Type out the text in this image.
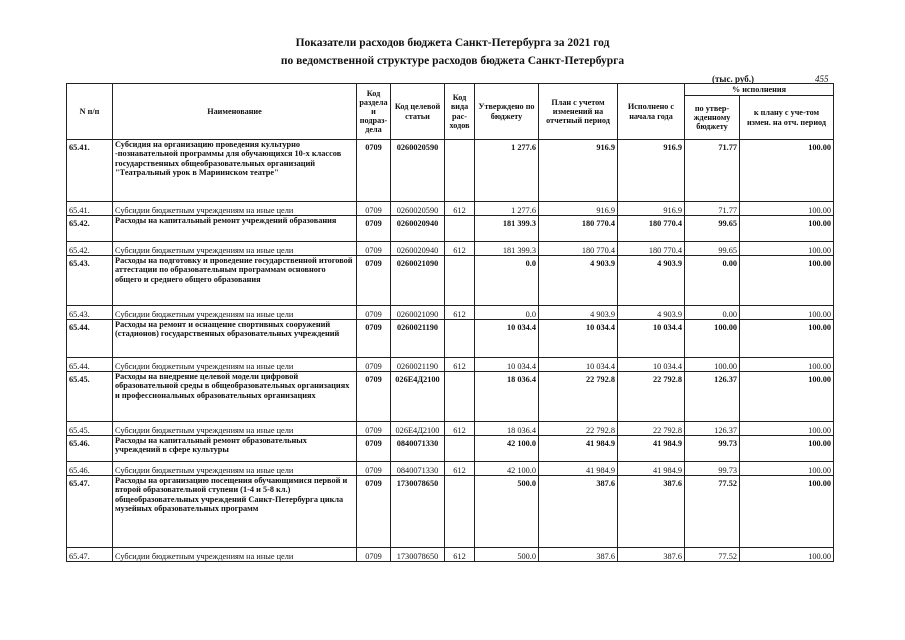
Показатели расходов бюджета Санкт-Петербурга за 2021 год
по ведомственной структуре расходов бюджета Санкт-Петербурга
(тыс. руб.)	455
N п/п	Наименование	Код раздела и подраз-дела	Код целевой статьи	Код вида рас-ходов	Утверждено по бюджету	План с учетом изменений на отчетный период	Исполнено с начала года	% исполнения	
								по утвер-жденному бюджету	к плану с уче-том измен. на отч. период
65.41.	Субсидия на организацию проведения культурно -познавательной программы для обучающихся 10-х классов государственных общеобразовательных организаций "Театральный урок в Мариинском театре"	0709	0260020590		1 277.6	916.9	916.9	71.77	100.00
65.41.	Субсидии бюджетным учреждениям на иные цели	0709	0260020590	612	1 277.6	916.9	916.9	71.77	100.00
65.42.	Расходы на капитальный ремонт учреждений образования	0709	0260020940		181 399.3	180 770.4	180 770.4	99.65	100.00
65.42.	Субсидии бюджетным учреждениям на иные цели	0709	0260020940	612	181 399.3	180 770.4	180 770.4	99.65	100.00
65.43.	Расходы на подготовку и проведение государственной итоговой аттестации по образовательным программам основного общего и среднего общего образования	0709	0260021090		0.0	4 903.9	4 903.9	0.00	100.00
65.43.	Субсидии бюджетным учреждениям на иные цели	0709	0260021090	612	0.0	4 903.9	4 903.9	0.00	100.00
65.44.	Расходы на ремонт и оснащение спортивных сооружений (стадионов) государственных образовательных учреждений	0709	0260021190		10 034.4	10 034.4	10 034.4	100.00	100.00
65.44.	Субсидии бюджетным учреждениям на иные цели	0709	0260021190	612	10 034.4	10 034.4	10 034.4	100.00	100.00
65.45.	Расходы на внедрение целевой модели цифровой образовательной среды в общеобразовательных организациях и профессиональных образовательных организациях	0709	026Е4Д2100		18 036.4	22 792.8	22 792.8	126.37	100.00
65.45.	Субсидии бюджетным учреждениям на иные цели	0709	026Е4Д2100	612	18 036.4	22 792.8	22 792.8	126.37	100.00
65.46.	Расходы на капитальный ремонт образовательных учреждений в сфере культуры	0709	0840071330		42 100.0	41 984.9	41 984.9	99.73	100.00
65.46.	Субсидии бюджетным учреждениям на иные цели	0709	0840071330	612	42 100.0	41 984.9	41 984.9	99.73	100.00
65.47.	Расходы на организацию посещения обучающимися первой и второй образовательной ступени (1-4 и 5-8 кл.) общеобразовательных учреждений Санкт-Петербурга цикла музейных образовательных программ	0709	1730078650		500.0	387.6	387.6	77.52	100.00
65.47.	Субсидии бюджетным учреждениям на иные цели	0709	1730078650	612	500.0	387.6	387.6	77.52	100.00
